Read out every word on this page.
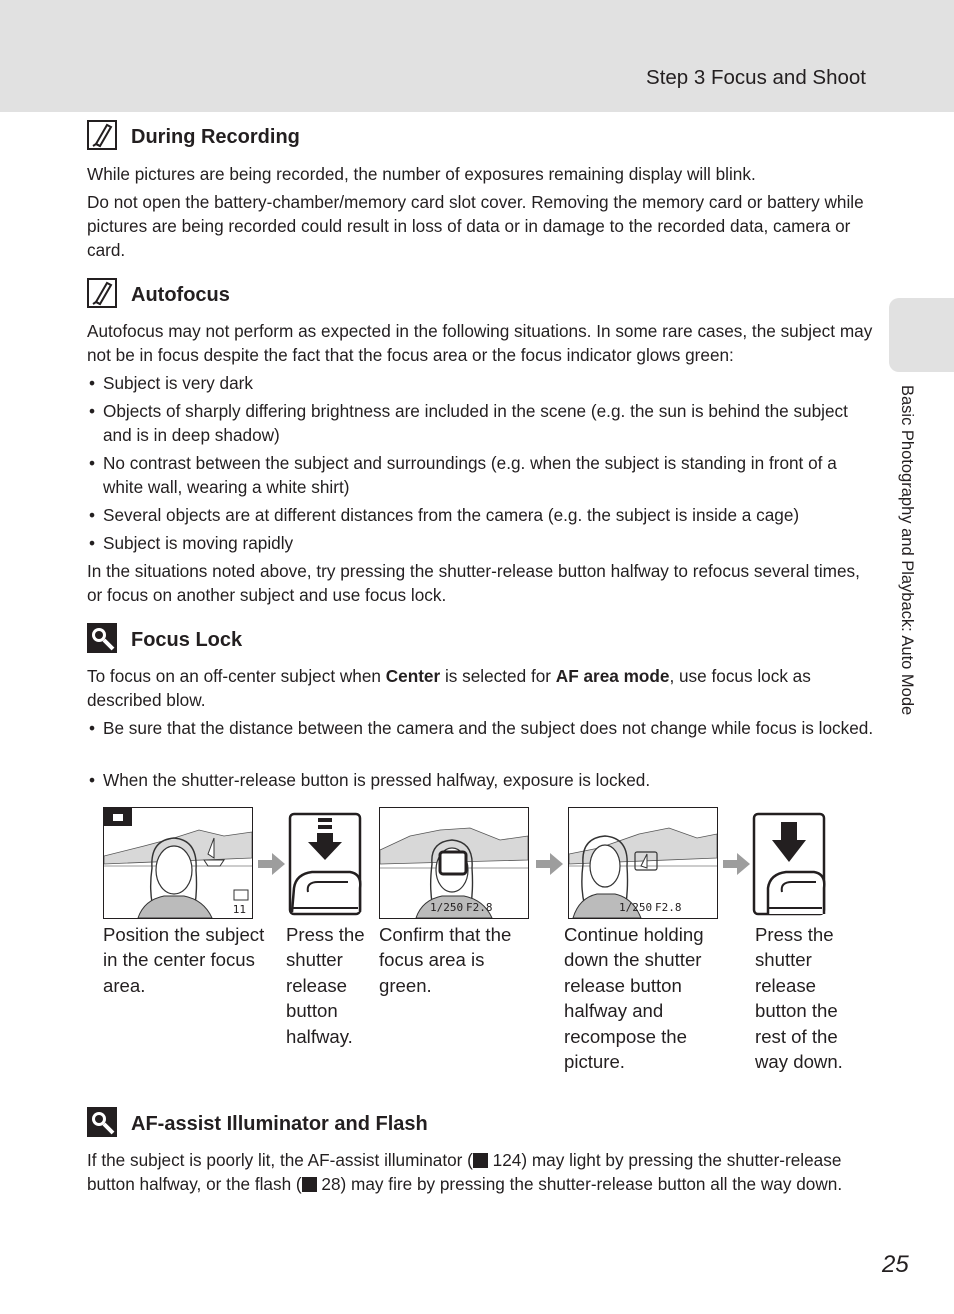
Step 3 Focus and Shoot
Basic Photography and Playback: Auto Mode
During Recording
While pictures are being recorded, the number of exposures remaining display will blink.
Do not open the battery-chamber/memory card slot cover. Removing the memory card or battery while pictures are being recorded could result in loss of data or in damage to the recorded data, camera or card.
Autofocus
Autofocus may not perform as expected in the following situations. In some rare cases, the subject may not be in focus despite the fact that the focus area or the focus indicator glows green:
• Subject is very dark
• Objects of sharply differing brightness are included in the scene (e.g. the sun is behind the subject and is in deep shadow)
• No contrast between the subject and surroundings (e.g. when the subject is standing in front of a white wall, wearing a white shirt)
• Several objects are at different distances from the camera (e.g. the subject is inside a cage)
• Subject is moving rapidly
In the situations noted above, try pressing the shutter-release button halfway to refocus several times, or focus on another subject and use focus lock.
Focus Lock
To focus on an off-center subject when Center is selected for AF area mode, use focus lock as described blow.
• Be sure that the distance between the camera and the subject does not change while focus is locked.
• When the shutter-release button is pressed halfway, exposure is locked.
11	1/250 F2.8	1/250 F2.8
Position the subject in the center focus area.
Press the shutter release button halfway.
Confirm that the focus area is green.
Continue holding down the shutter release button halfway and recompose the picture.
Press the shutter release button the rest of the way down.
AF-assist Illuminator and Flash
If the subject is poorly lit, the AF-assist illuminator ( 124) may light by pressing the shutter-release button halfway, or the flash ( 28) may fire by pressing the shutter-release button all the way down.
25
